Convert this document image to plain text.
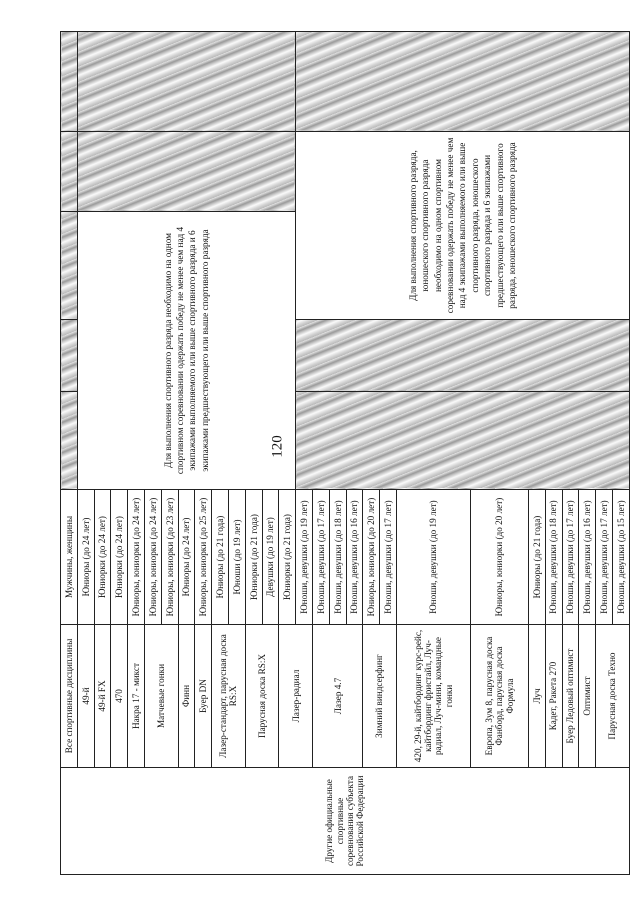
120
Другие официальные спортивные соревнования субъекта Российской Федерации	Все спортивные дисциплины	Мужчины, женщины					
	49-й	Юниоры (до 24 лет)	Для выполнения спортивного разряда необходимо на одном спортивном соревновании одержать победу не менее чем над 4 экипажами выполняемого или выше спортивного разряда и 6 экипажами предшествующего или выше спортивного разряда				
	49-й FX	Юниорки (до 24 лет)					
	470	Юниорки (до 24 лет)					
	Накра 17 - микст	Юниоры, юниорки (до 24 лет)					
	Матчевые гонки	Юниоры, юниорки (до 24 лет)					
		Юниоры, юниорки (до 23 лет)					
	Финн	Юниоры (до 24 лет)					
	Буер DN	Юниоры, юниорки (до 25 лет)					
	Лазер-стандарт, парусная доска RS:X	Юниоры (до 21 года)					
		Юноши (до 19 лет)					
	Парусная доска RS:X	Юниорки (до 21 года)					
		Девушки (до 19 лет)					
	Лазер-радиал	Юниорки (до 21 года)					
		Юноши, девушки (до 19 лет)			Для выполнения спортивного разряда, юношеского спортивного разряда необходимо на одном спортивном соревновании одержать победу не менее чем над 4 экипажами выполняемого или выше спортивного разряда, юношеского спортивного разряда и 6 экипажами предшествующего или выше спортивного разряда, юношеского спортивного разряда		
	Лазер 4.7	Юноши, девушки (до 17 лет)					
		Юноши, девушки (до 18 лет)					
		Юноши, девушки (до 16 лет)					
	Зимний виндсерфинг	Юниоры, юниорки (до 20 лет)					
		Юноши, девушки (до 17 лет)					
	420, 29-й, кайтбординг курс-рейс, кайтбординг фристайл, Луч-радиал, Луч-мини, командные гонки	Юноши, девушки (до 19 лет)					
	Европа, Зум 8, парусная доска Фанборд, парусная доска Формула	Юниоры, юниорки (до 20 лет)					
	Луч	Юниоры (до 21 года)					
	Кадет, Ракета 270	Юноши, девушки (до 18 лет)					
	Буер Ледовый оптимист	Юноши, девушки (до 17 лет)					
	Оптимист	Юноши, девушки (до 16 лет)					
	Парусная доска Техно	Юноши, девушки (до 17 лет)					
		Юноши, девушки (до 15 лет)					
